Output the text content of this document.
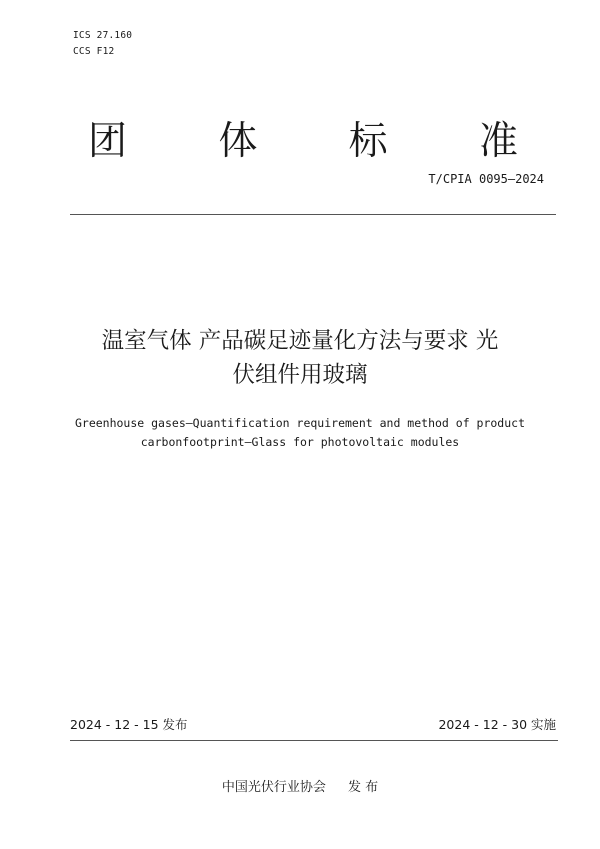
ICS 27.160
CCS F12
团 体 标 准
T/CPIA 0095—2024
温室气体 产品碳足迹量化方法与要求 光
伏组件用玻璃
Greenhouse gases—Quantification requirement and method of product
carbonfootprint—Glass for photovoltaic modules
2024 - 12 - 15 发布	2024 - 12 - 30 实施
中国光伏行业协会 发 布
